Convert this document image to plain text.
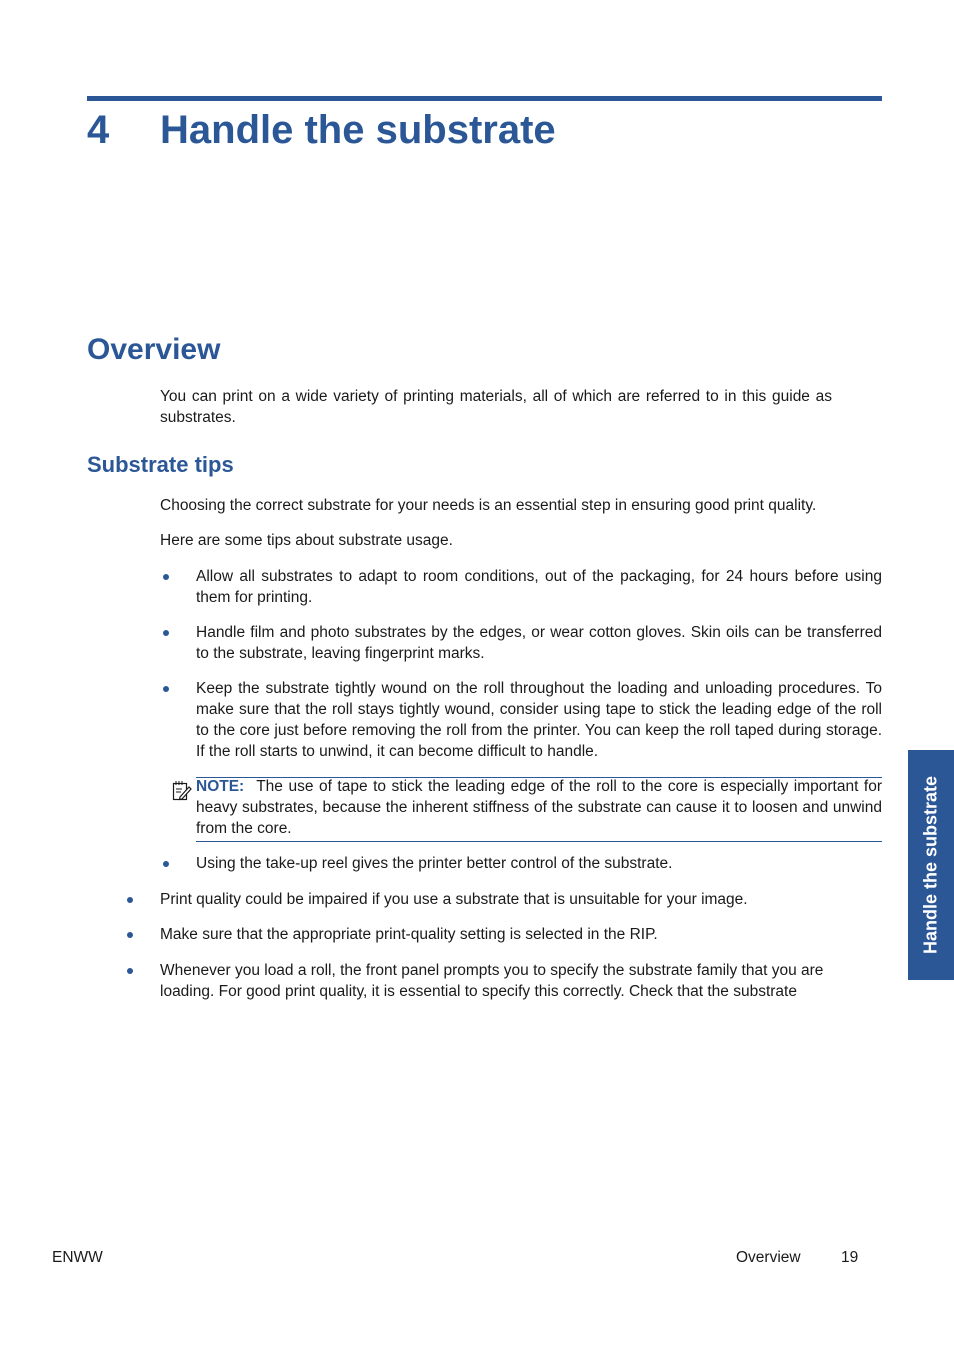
4 Handle the substrate
Overview

You can print on a wide variety of printing materials, all of which are referred to in this guide as substrates.

Substrate tips

Choosing the correct substrate for your needs is an essential step in ensuring good print quality.

Here are some tips about substrate usage.

Allow all substrates to adapt to room conditions, out of the packaging, for 24 hours before using them for printing.

Handle film and photo substrates by the edges, or wear cotton gloves. Skin oils can be transferred to the substrate, leaving fingerprint marks.

Keep the substrate tightly wound on the roll throughout the loading and unloading procedures. To make sure that the roll stays tightly wound, consider using tape to stick the leading edge of the roll to the core just before removing the roll from the printer. You can keep the roll taped during storage. If the roll starts to unwind, it can become difficult to handle.

NOTE: The use of tape to stick the leading edge of the roll to the core is especially important for heavy substrates, because the inherent stiffness of the substrate can cause it to loosen and unwind from the core.

Using the take-up reel gives the printer better control of the substrate.

Print quality could be impaired if you use a substrate that is unsuitable for your image.

Make sure that the appropriate print-quality setting is selected in the RIP.

Whenever you load a roll, the front panel prompts you to specify the substrate family that you are loading. For good print quality, it is essential to specify this correctly. Check that the substrate

Handle the substrate

ENWW	Overview	19
